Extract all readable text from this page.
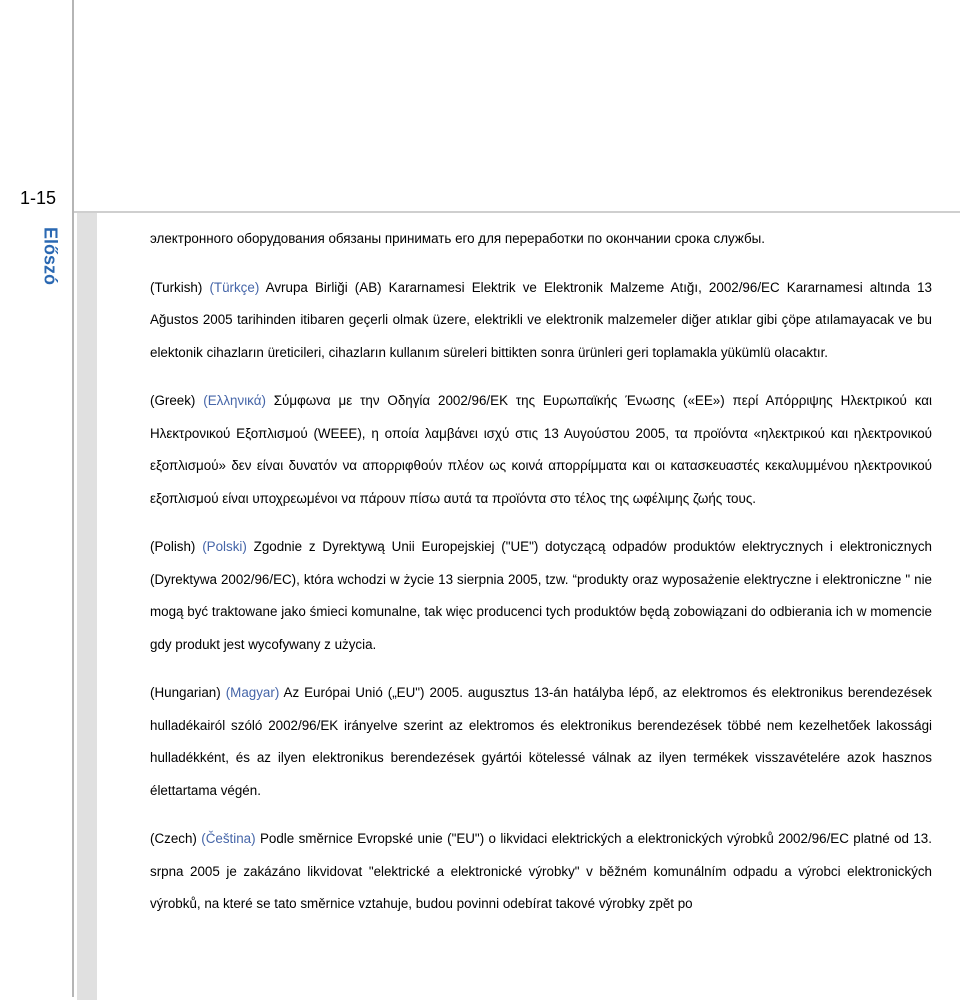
1-15
Előszó	электронного оборудования обязаны принимать его для переработки по окончании срока службы.

(Turkish) (Türkçe) Avrupa Birliği (AB) Kararnamesi Elektrik ve Elektronik Malzeme Atığı, 2002/96/EC Kararnamesi altında 13 Ağustos 2005 tarihinden itibaren geçerli olmak üzere, elektrikli ve elektronik malzemeler diğer atıklar gibi çöpe atılamayacak ve bu elektonik cihazların üreticileri, cihazların kullanım süreleri bittikten sonra ürünleri geri toplamakla yükümlü olacaktır.

(Greek) (Ελληνικά) Σύμφωνα με την Οδηγία 2002/96/ΕΚ της Ευρωπαϊκής Ένωσης («ΕΕ») περί Απόρριψης Ηλεκτρικού και Ηλεκτρονικού Εξοπλισμού (WEEE), η οποία λαμβάνει ισχύ στις 13 Αυγούστου 2005, τα προϊόντα «ηλεκτρικού και ηλεκτρονικού εξοπλισμού» δεν είναι δυνατόν να απορριφθούν πλέον ως κοινά απορρίμματα και οι κατασκευαστές κεκαλυμμένου ηλεκτρονικού εξοπλισμού είναι υποχρεωμένοι να πάρουν πίσω αυτά τα προϊόντα στο τέλος της ωφέλιμης ζωής τους.

(Polish) (Polski) Zgodnie z Dyrektywą Unii Europejskiej ("UE") dotyczącą odpadów produktów elektrycznych i elektronicznych (Dyrektywa 2002/96/EC), która wchodzi w życie 13 sierpnia 2005, tzw. “produkty oraz wyposażenie elektryczne i elektroniczne " nie mogą być traktowane jako śmieci komunalne, tak więc producenci tych produktów będą zobowiązani do odbierania ich w momencie gdy produkt jest wycofywany z użycia.

(Hungarian) (Magyar) Az Európai Unió („EU") 2005. augusztus 13-án hatályba lépő, az elektromos és elektronikus berendezések hulladékairól szóló 2002/96/EK irányelve szerint az elektromos és elektronikus berendezések többé nem kezelhetőek lakossági hulladékként, és az ilyen elektronikus berendezések gyártói kötelessé válnak az ilyen termékek visszavételére azok hasznos élettartama végén.

(Czech) (Čeština) Podle směrnice Evropské unie ("EU") o likvidaci elektrických a elektronických výrobků 2002/96/EC platné od 13. srpna 2005 je zakázáno likvidovat "elektrické a elektronické výrobky" v běžném komunálním odpadu a výrobci elektronických výrobků, na které se tato směrnice vztahuje, budou povinni odebírat takové výrobky zpět po
